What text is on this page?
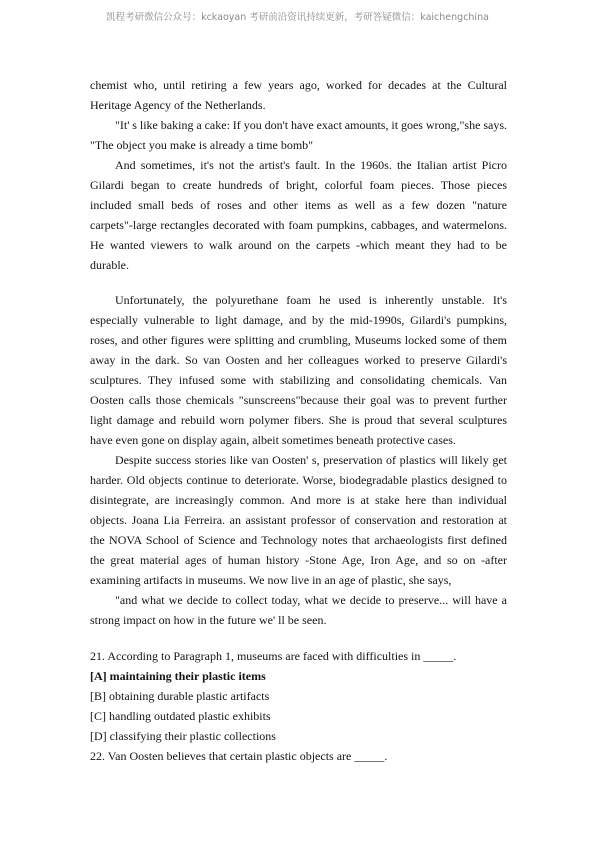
凯程考研微信公众号：kckaoyan 考研前沿资讯持续更新，考研答疑微信：kaichengchina
chemist who, until retiring a few years ago, worked for decades at the Cultural
Heritage Agency of the Netherlands.
"It' s like baking a cake: If you don't have exact amounts, it goes wrong,"she says.
"The object you make is already a time bomb"
And sometimes, it's not the artist's fault. In the 1960s. the Italian artist Picro
Gilardi began to create hundreds of bright, colorful foam pieces. Those pieces
included small beds of roses and other items as well as a few dozen "nature
carpets"-large rectangles decorated with foam pumpkins, cabbages, and watermelons.
He wanted viewers to walk around on the carpets -which meant they had to be
durable.
Unfortunately, the polyurethane foam he used is inherently unstable. It's
especially vulnerable to light damage, and by the mid-1990s, Gilardi's pumpkins,
roses, and other figures were splitting and crumbling, Museums locked some of them
away in the dark. So van Oosten and her colleagues worked to preserve Gilardi's
sculptures. They infused some with stabilizing and consolidating chemicals. Van
Oosten calls those chemicals "sunscreens"because their goal was to prevent further
light damage and rebuild worn polymer fibers. She is proud that several sculptures
have even gone on display again, albeit sometimes beneath protective cases.
Despite success stories like van Oosten' s, preservation of plastics will likely get
harder. Old objects continue to deteriorate. Worse, biodegradable plastics designed to
disintegrate, are increasingly common. And more is at stake here than individual
objects. Joana Lia Ferreira. an assistant professor of conservation and restoration at
the NOVA School of Science and Technology notes that archaeologists first defined
the great material ages of human history -Stone Age, Iron Age, and so on -after
examining artifacts in museums. We now live in an age of plastic, she says,
"and what we decide to collect today, what we decide to preserve... will have a
strong impact on how in the future we' ll be seen.
21. According to Paragraph 1, museums are faced with difficulties in _____.
[A] maintaining their plastic items
[B] obtaining durable plastic artifacts
[C] handling outdated plastic exhibits
[D] classifying their plastic collections
22. Van Oosten believes that certain plastic objects are _____.
